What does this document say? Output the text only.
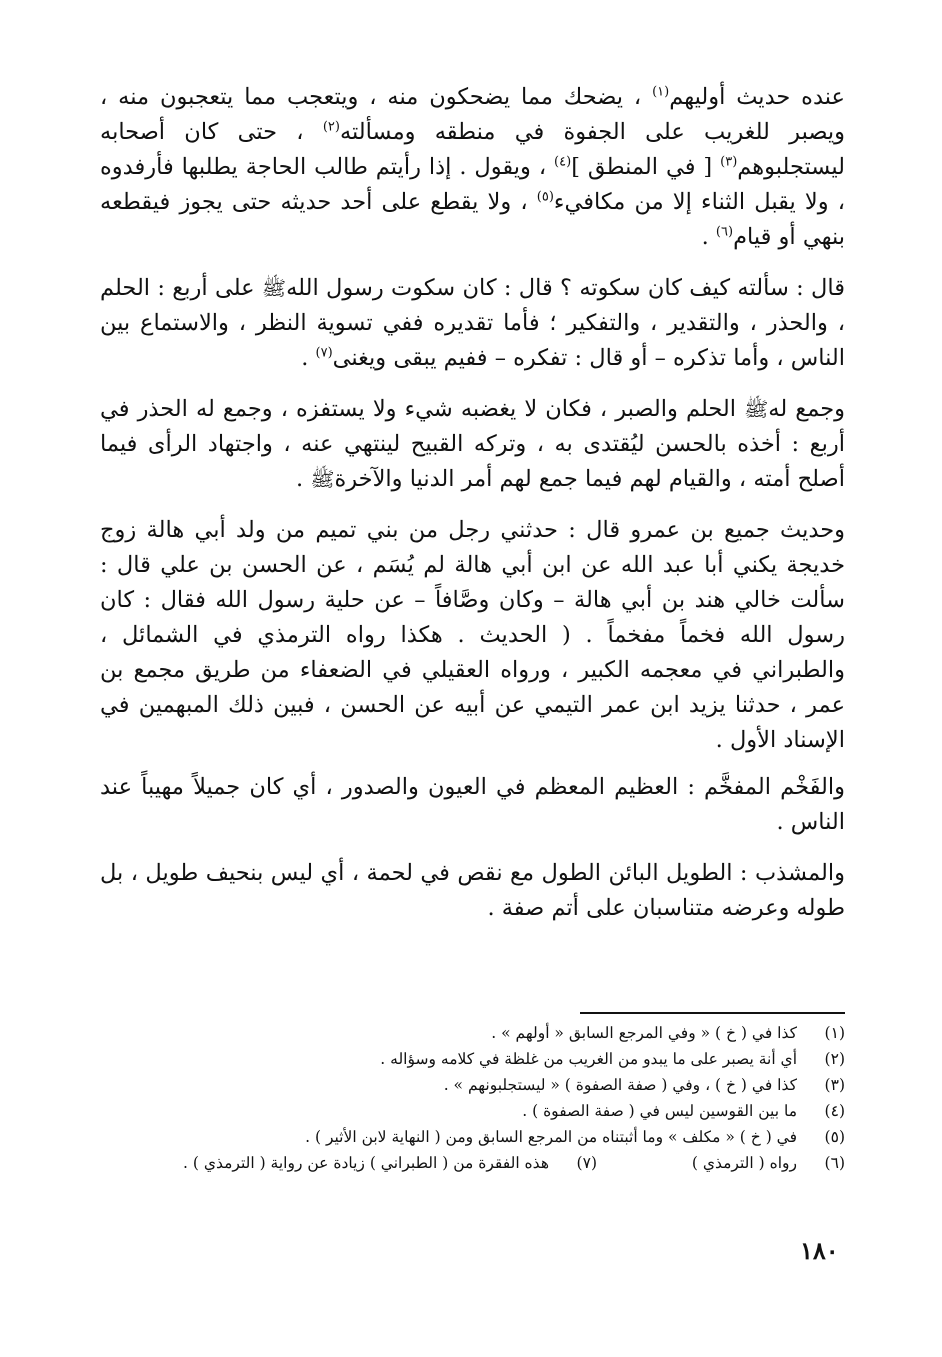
عنده حديث أوليهم$^{(١)}$ ، يضحك مما يضحكون منه ، ويتعجب مما يتعجبون منه ، ويصبر للغريب على الجفوة في منطقه ومسألته$^{(٢)}$ ، حتى كان أصحابه ليستجلبوهم$^{(٣)}$ [ في المنطق ]$^{(٤)}$ ، ويقول . إذا رأيتم طالب الحاجة يطلبها فأرفدوه ، ولا يقبل الثناء إلا من مكافيء$^{(٥)}$ ، ولا يقطع على أحد حديثه حتى يجوز فيقطعه بنهي أو قيام$^{(٦)}$ .

قال : سألته كيف كان سكوته ؟ قال : كان سكوت رسول اللهﷺ على أربع : الحلم ، والحذر ، والتقدير ، والتفكير ؛ فأما تقديره ففي تسوية النظر ، والاستماع بين الناس ، وأما تذكره – أو قال : تفكره – ففيم يبقى ويغنى$^{(٧)}$ .

وجمع لهﷺ الحلم والصبر ، فكان لا يغضبه شيء ولا يستفزه ، وجمع له الحذر في أربع : أخذه بالحسن ليُقتدى به ، وتركه القبيح لينتهي عنه ، واجتهاد الرأى فيما أصلح أمته ، والقيام لهم فيما جمع لهم أمر الدنيا والآخرةﷺ .

وحديث جميع بن عمرو قال : حدثني رجل من بني تميم من ولد أبي هالة زوج خديجة يكني أبا عبد الله عن ابن أبي هالة لم يُسَم ، عن الحسن بن علي قال : سألت خالي هند بن أبي هالة – وكان وصَّافاً – عن حلية رسول الله فقال : كان رسول الله فخماً مفخماً . ( الحديث . هكذا رواه الترمذي في الشمائل ، والطبراني في معجمه الكبير ، ورواه العقيلي في الضعفاء من طريق مجمع بن عمر ، حدثنا يزيد ابن عمر التيمي عن أبيه عن الحسن ، فبين ذلك المبهمين في الإسناد الأول .

والفَخْم المفخَّم : العظيم المعظم في العيون والصدور ، أي كان جميلاً مهيباً عند الناس .

والمشذب : الطويل البائن الطول مع نقص في لحمة ، أي ليس بنحيف طويل ، بل طوله وعرضه متناسبان على أتم صفة .

(١)
كذا في ( خ ) « وفي المرجع السابق « أولهم » .
(٢)
أي أنة يصبر على ما يبدو من الغريب من غلظة في كلامه وسؤاله .
(٣)
كذا في ( خ ) ، وفي ( صفة الصفوة ) « ليستجلبونهم » .
(٤)
ما بين القوسين ليس في ( صفة الصفوة ) .
(٥)
في ( خ ) « مكلف » وما أثبتناه من المرجع السابق ومن ( النهاية لابن الأثير ) .
(٦)
رواه ( الترمذي )
(٧)
هذه الفقرة من ( الطبراني ) زيادة عن رواية ( الترمذي ) .
١٨٠
